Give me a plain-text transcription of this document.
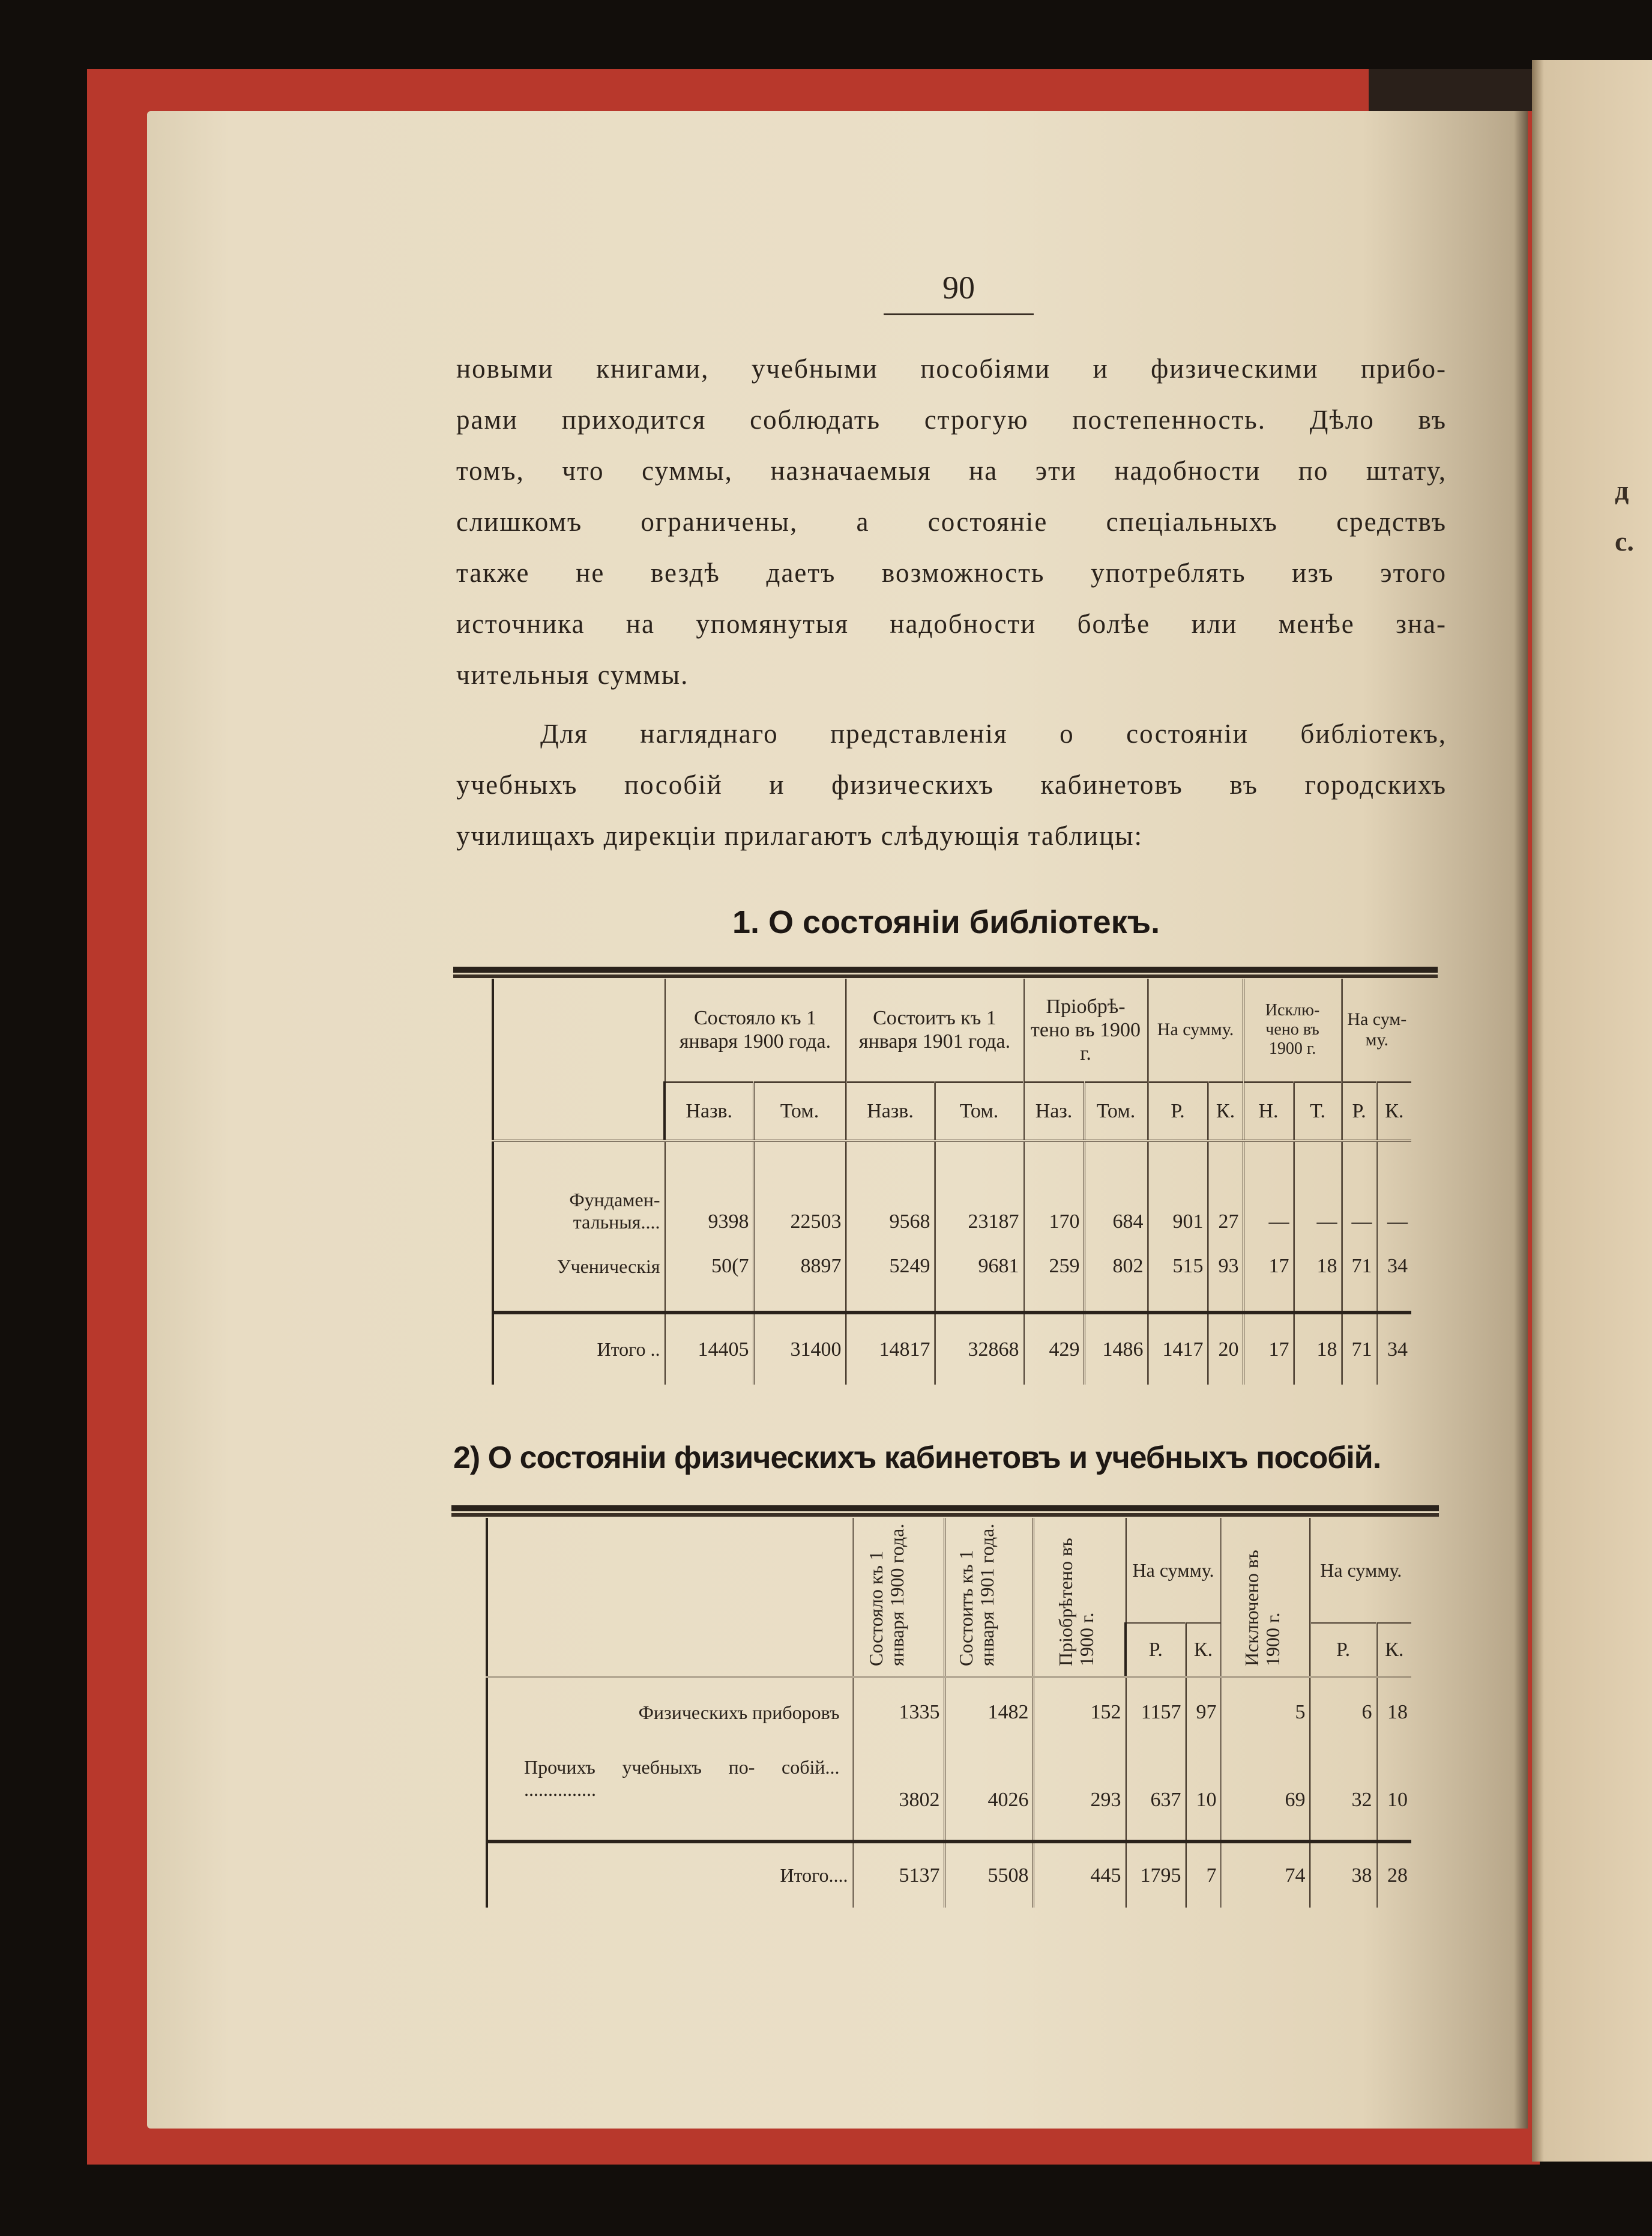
д
с.
90
новыми книгами, учебными пособіями и физическими прибо-
рами приходится соблюдать строгую постепенность. Дѣло въ
томъ, что суммы, назначаемыя на эти надобности по штату,
слишкомъ ограничены, а состояніе спеціальныхъ средствъ
также не вездѣ даетъ возможность употреблять изъ этого
источника на упомянутыя надобности болѣе или менѣе зна-
чительныя суммы.
Для нагляднаго представленія о состояніи библіотекъ,
учебныхъ пособій и физическихъ кабинетовъ въ городскихъ
училищахъ дирекціи прилагаютъ слѣдующія таблицы:
1. О состояніи библіотекъ.
	Состояло къ 1 января 1900 года.		Состоитъ къ 1 января 1901 года.		Пріобрѣ- тено въ 1900 г.		На сумму.		Исклю- чено въ 1900 г.		На сум- му.	
	Назв.	Том.	Назв.	Том.	Наз.	Том.	Р.	К.	Н.	Т.	Р.	К.

Фундамен- тальныя....	9398	22503	9568	23187	170	684	901	27	—	—	—	—
Ученическія	50(7	8897	5249	9681	259	802	515	93	17	18	71	34

Итого ..	14405	31400	14817	32868	429	1486	1417	20	17	18	71	34
2) О состояніи физическихъ кабинетовъ и учебныхъ пособій.
	Состояло къ 1 января 1900 года.	Состоитъ къ 1 января 1901 года.	Пріобрѣтено въ 1900 г.	На сумму.		Исключено въ 1900 г.	На сумму.	
				Р.	К.		Р.	К.

Физическихъ приборовъ	1335	1482	152	1157	97	5	6	18
Прочихъ учебныхъ по- собій... ...............	3802	4026	293	637	10	69	32	10

Итого....	5137	5508	445	1795	7	74	38	28
